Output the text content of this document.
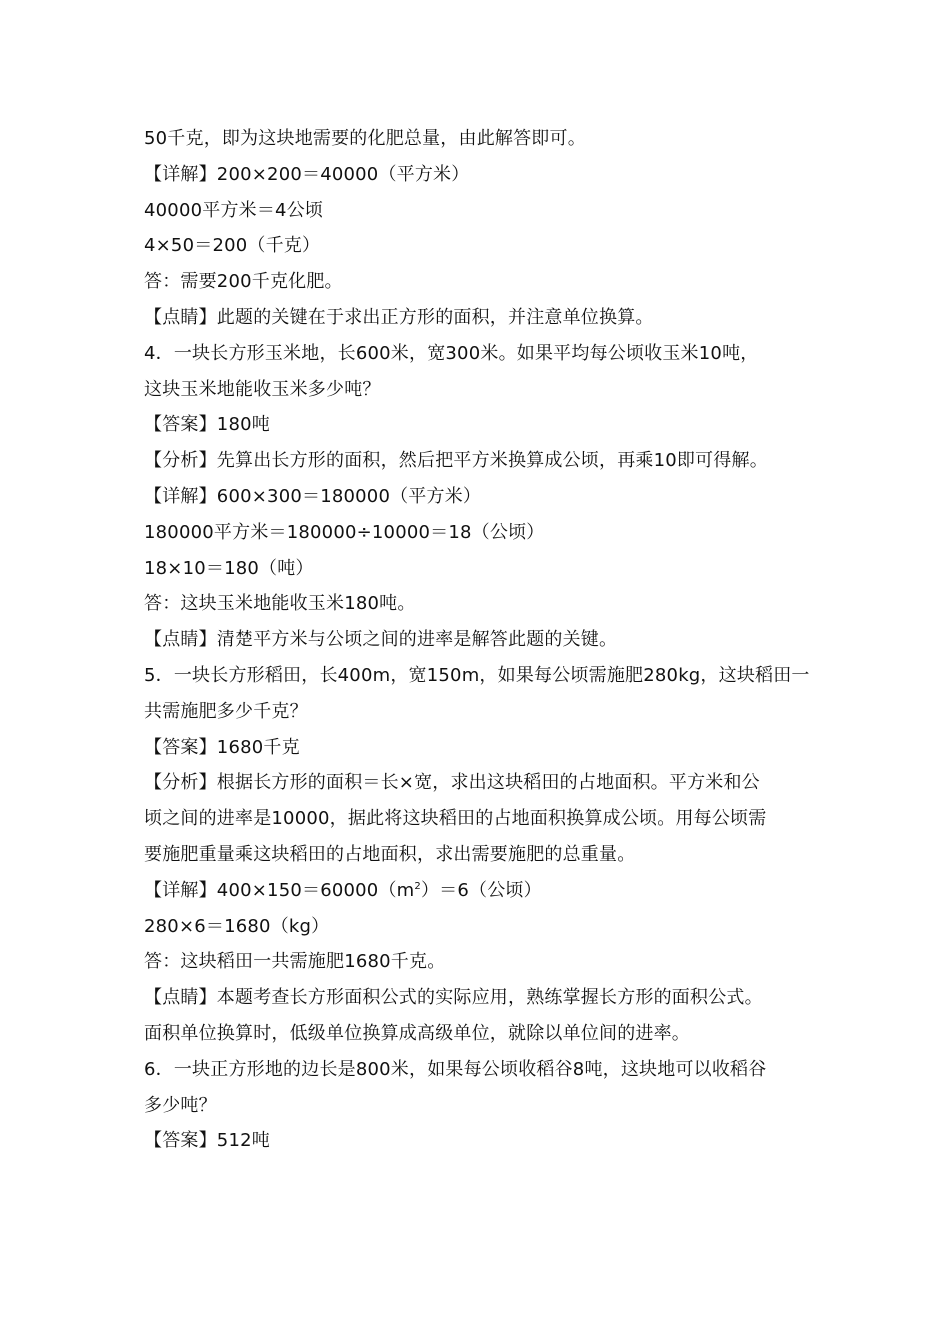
50千克，即为这块地需要的化肥总量，由此解答即可。
【详解】200×200＝40000（平方米）
40000平方米＝4公顷
4×50＝200（千克）
答：需要200千克化肥。
【点睛】此题的关键在于求出正方形的面积，并注意单位换算。
4．一块长方形玉米地，长600米，宽300米。如果平均每公顷收玉米10吨，
这块玉米地能收玉米多少吨？
【答案】180吨
【分析】先算出长方形的面积，然后把平方米换算成公顷，再乘10即可得解。
【详解】600×300＝180000（平方米）
180000平方米＝180000÷10000＝18（公顷）
18×10＝180（吨）
答：这块玉米地能收玉米180吨。
【点睛】清楚平方米与公顷之间的进率是解答此题的关键。
5．一块长方形稻田，长400m，宽150m，如果每公顷需施肥280kg，这块稻田一
共需施肥多少千克？
【答案】1680千克
【分析】根据长方形的面积＝长×宽，求出这块稻田的占地面积。平方米和公
顷之间的进率是10000，据此将这块稻田的占地面积换算成公顷。用每公顷需
要施肥重量乘这块稻田的占地面积，求出需要施肥的总重量。
【详解】$400\times 150=60000(m^2)=6$（公顷）
280×6＝1680（kg）
答：这块稻田一共需施肥1680千克。
【点睛】本题考查长方形面积公式的实际应用，熟练掌握长方形的面积公式。
面积单位换算时，低级单位换算成高级单位，就除以单位间的进率。
6．一块正方形地的边长是800米，如果每公顷收稻谷8吨，这块地可以收稻谷
多少吨？
【答案】512吨
